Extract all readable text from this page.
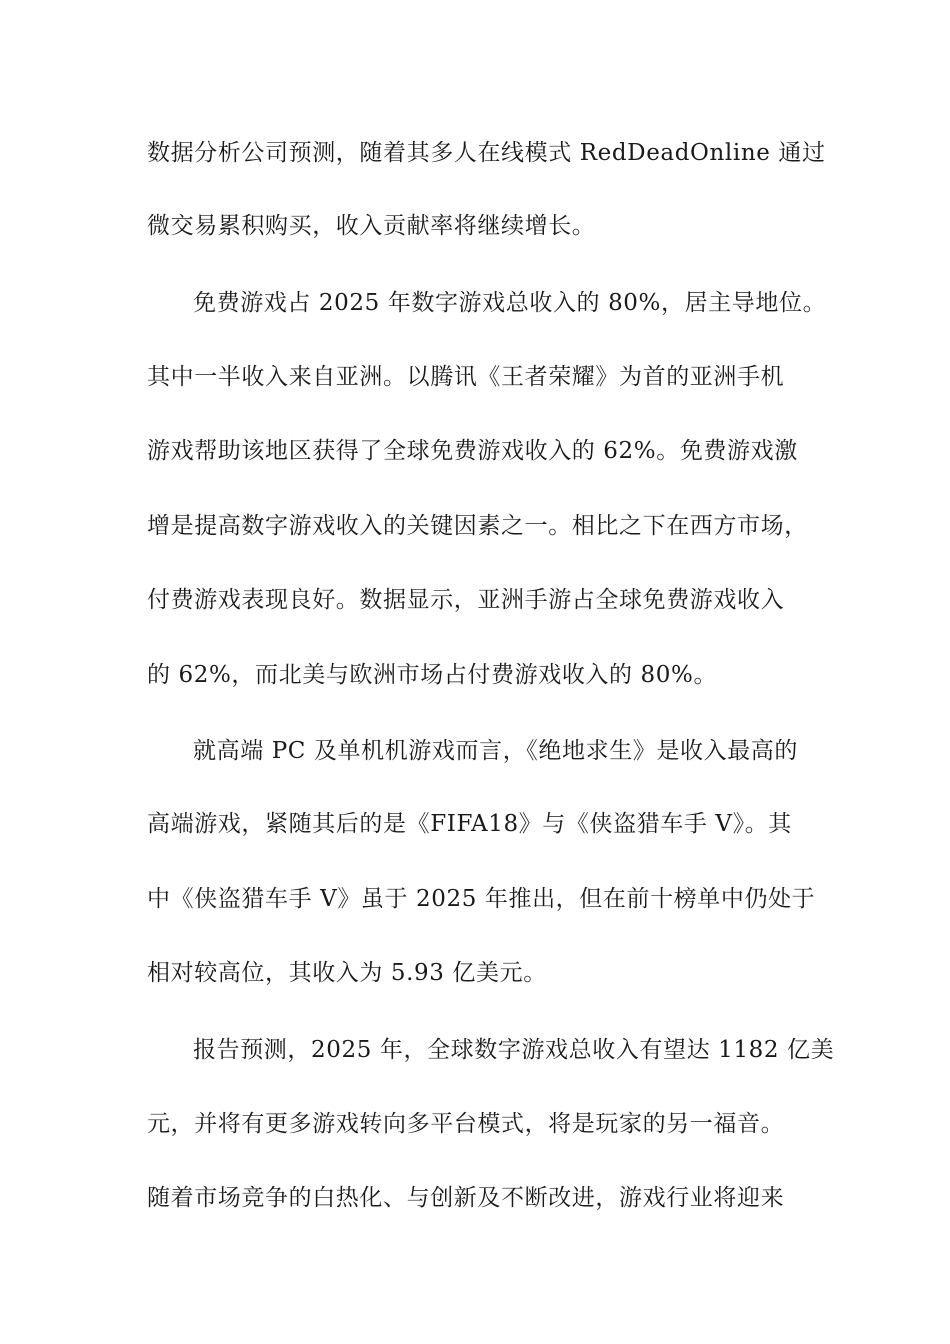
数据分析公司预测，随着其多人在线模式 RedDeadOnline 通过
微交易累积购买，收入贡献率将继续增长。
免费游戏占 2025 年数字游戏总收入的 80%，居主导地位。
其中一半收入来自亚洲。以腾讯《王者荣耀》为首的亚洲手机
游戏帮助该地区获得了全球免费游戏收入的 62%。免费游戏激
增是提高数字游戏收入的关键因素之一。相比之下在西方市场，
付费游戏表现良好。数据显示，亚洲手游占全球免费游戏收入
的 62%，而北美与欧洲市场占付费游戏收入的 80%。
就高端 PC 及单机机游戏而言，《绝地求生》是收入最高的
高端游戏，紧随其后的是《FIFA18》与《侠盗猎车手 V》。其
中《侠盗猎车手 V》虽于 2025 年推出，但在前十榜单中仍处于
相对较高位，其收入为 5.93 亿美元。
报告预测，2025 年，全球数字游戏总收入有望达 1182 亿美
元，并将有更多游戏转向多平台模式，将是玩家的另一福音。
随着市场竞争的白热化、与创新及不断改进，游戏行业将迎来
